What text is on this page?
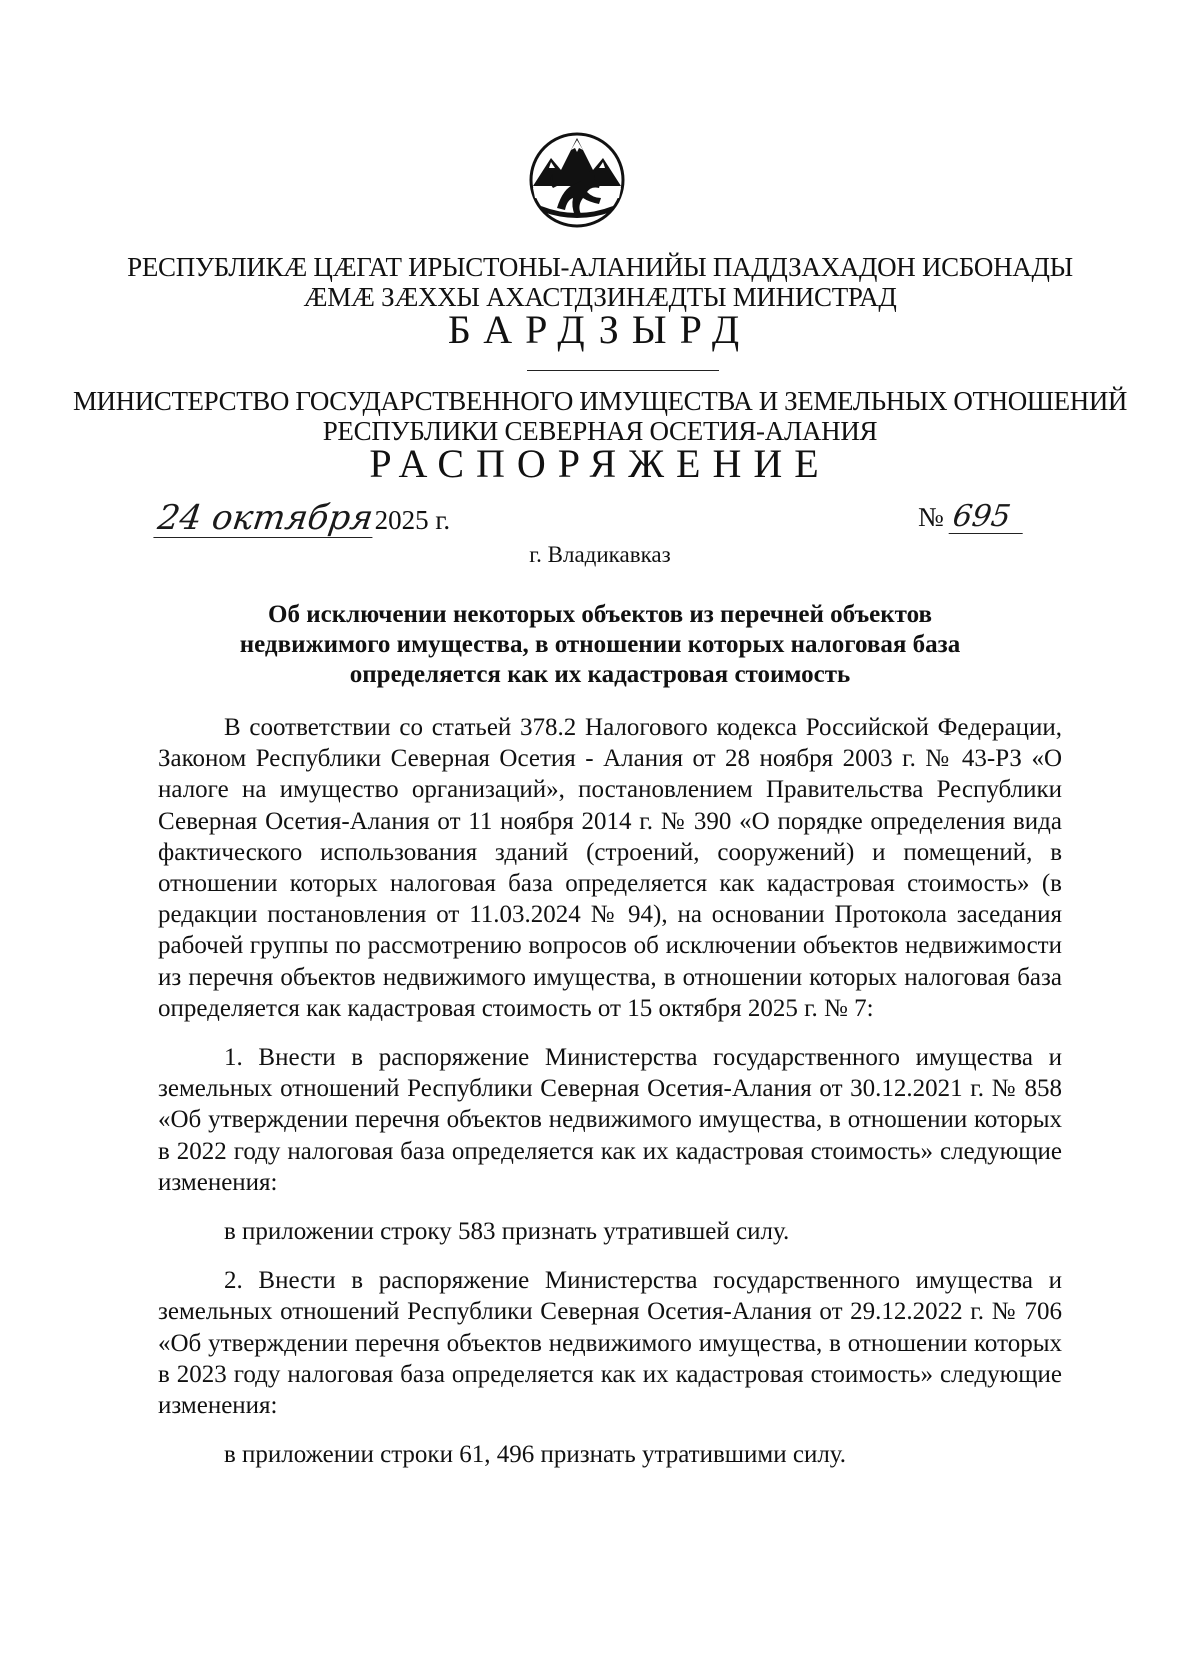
РЕСПУБЛИКӔ ЦӔГАТ ИРЫСТОНЫ-АЛАНИЙЫ ПАДДЗАХАДОН ИСБОНАДЫ
ӔМӔ ЗӔХХЫ АХАСТДЗИНӔДТЫ МИНИСТРАД
БАРДЗЫРД
МИНИСТЕРСТВО ГОСУДАРСТВЕННОГО ИМУЩЕСТВА И ЗЕМЕЛЬНЫХ ОТНОШЕНИЙ
РЕСПУБЛИКИ СЕВЕРНАЯ ОСЕТИЯ-АЛАНИЯ
РАСПОРЯЖЕНИЕ
24 октября2025 г.	№ 695
г. Владикавказ
Об исключении некоторых объектов из перечней объектов
недвижимого имущества, в отношении которых налоговая база
определяется как их кадастровая стоимость

В соответствии со статьей 378.2 Налогового кодекса Российской Федерации, Законом Республики Северная Осетия - Алания от 28 ноября 2003 г. № 43-РЗ «О налоге на имущество организаций», постановлением Правительства Республики Северная Осетия-Алания от 11 ноября 2014 г. № 390 «О порядке определения вида фактического использования зданий (строений, сооружений) и помещений, в отношении которых налоговая база определяется как кадастровая стоимость» (в редакции постановления от 11.03.2024 № 94), на основании Протокола заседания рабочей группы по рассмотрению вопросов об исключении объектов недвижимости из перечня объектов недвижимого имущества, в отношении которых налоговая база определяется как кадастровая стоимость от 15 октября 2025 г. № 7:

1. Внести в распоряжение Министерства государственного имущества и земельных отношений Республики Северная Осетия-Алания от 30.12.2021 г. № 858 «Об утверждении перечня объектов недвижимого имущества, в отношении которых в 2022 году налоговая база определяется как их кадастровая стоимость» следующие изменения:

в приложении строку 583 признать утратившей силу.

2. Внести в распоряжение Министерства государственного имущества и земельных отношений Республики Северная Осетия-Алания от 29.12.2022 г. № 706 «Об утверждении перечня объектов недвижимого имущества, в отношении которых в 2023 году налоговая база определяется как их кадастровая стоимость» следующие изменения:

в приложении строки 61, 496 признать утратившими силу.
